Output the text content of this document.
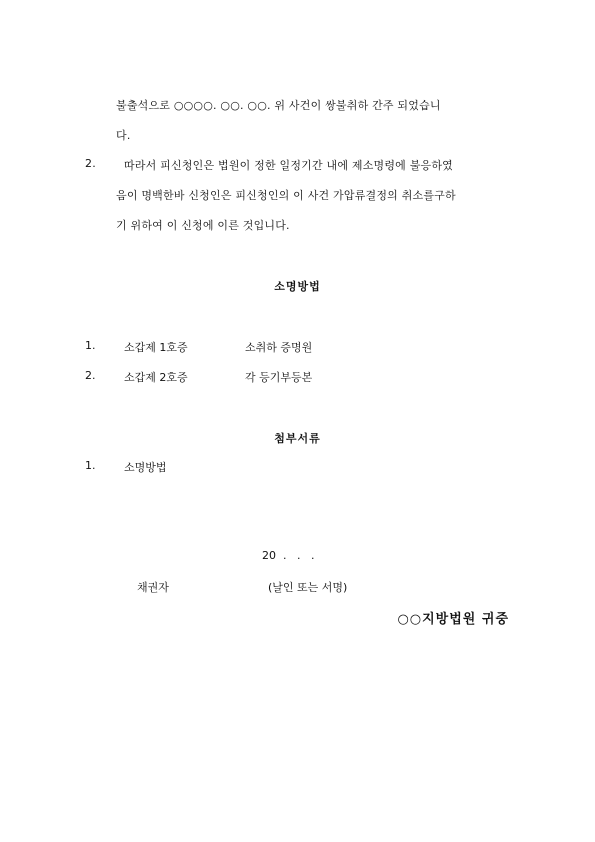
불출석으로 ○○○○. ○○. ○○. 위 사건이 쌍불취하 간주 되었습니
다.
2.	따라서 피신청인은 법원이 정한 일정기간 내에 제소명령에 불응하였
음이 명백한바 신청인은 피신청인의 이 사건 가압류결정의 취소를구하
기 위하여 이 신청에 이른 것입니다.
소명방법
1.	소갑제 1호증	소취하 증명원
2.	소갑제 2호증	각 등기부등본
첨부서류
1.	소명방법
20  .   .   .
채권자	(날인 또는 서명)
○○지방법원 귀중
